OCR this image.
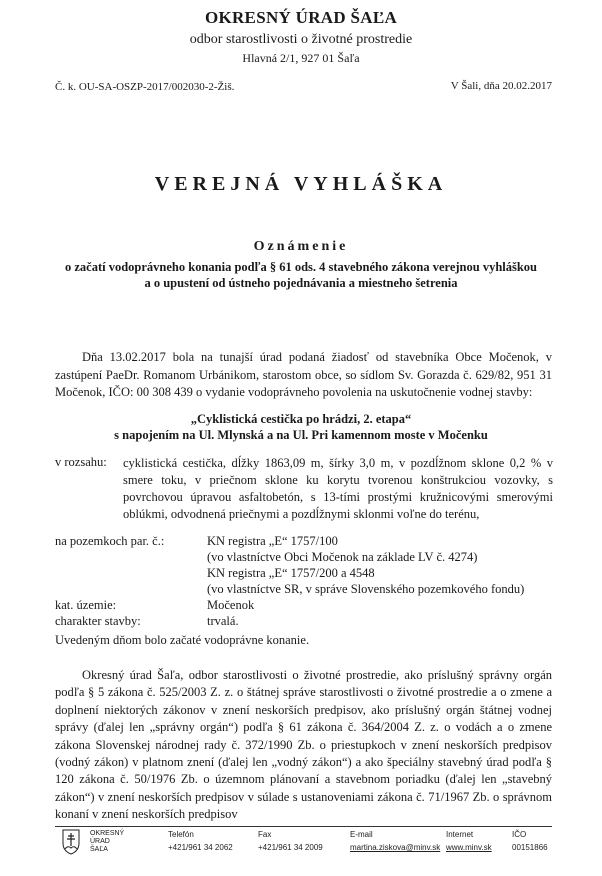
OKRESNÝ ÚRAD ŠAĽA
odbor starostlivosti o životné prostredie
Hlavná 2/1, 927 01 Šaľa
Č. k. OU-SA-OSZP-2017/002030-2-Žiš.	V Šali, dňa 20.02.2017
VEREJNÁ VYHLÁŠKA
Oznámenie
o začatí vodoprávneho konania podľa § 61 ods. 4 stavebného zákona verejnou vyhláškou
a o upustení od ústneho pojednávania a miestneho šetrenia
Dňa 13.02.2017 bola na tunajší úrad podaná žiadosť od stavebníka Obce Močenok, v zastúpení PaeDr. Romanom Urbánikom, starostom obce, so sídlom Sv. Gorazda č. 629/82, 951 31 Močenok, IČO: 00 308 439 o vydanie vodoprávneho povolenia na uskutočnenie vodnej stavby:
„Cyklistická cestička po hrádzi, 2. etapa“
s napojením na Ul. Mlynská a na Ul. Pri kamennom moste v Močenku
v rozsahu: cyklistická cestička, dĺžky 1863,09 m, šírky 3,0 m, v pozdĺžnom sklone 0,2 % v smere toku, v priečnom sklone ku korytu tvorenou konštrukciou vozovky, s povrchovou úpravou asfaltobetón, s 13-tími prostými kružnicovými smerovými oblúkmi, odvodnená priečnymi a pozdĺžnymi sklonmi voľne do terénu,
na pozemkoch par. č.:	KN registra „E“ 1757/100
(vo vlastníctve Obci Močenok na základe LV č. 4274)
KN registra „E“ 1757/200 a 4548
(vo vlastníctve SR, v správe Slovenského pozemkového fondu)
kat. územie:	Močenok
charakter stavby:	trvalá.
Uvedeným dňom bolo začaté vodoprávne konanie.
Okresný úrad Šaľa, odbor starostlivosti o životné prostredie, ako príslušný správny orgán podľa § 5 zákona č. 525/2003 Z. z. o štátnej správe starostlivosti o životné prostredie a o zmene a doplnení niektorých zákonov v znení neskorších predpisov, ako príslušný orgán štátnej vodnej správy (ďalej len „správny orgán“) podľa § 61 zákona č. 364/2004 Z. z. o vodách a o zmene zákona Slovenskej národnej rady č. 372/1990 Zb. o priestupkoch v znení neskorších predpisov (vodný zákon) v platnom znení (ďalej len „vodný zákon“) a ako špeciálny stavebný úrad podľa § 120 zákona č. 50/1976 Zb. o územnom plánovaní a stavebnom poriadku (ďalej len „stavebný zákon“) v znení neskorších predpisov v súlade s ustanoveniami zákona č. 71/1967 Zb. o správnom konaní v znení neskorších predpisov
OKRESNÝ
ÚRAD
ŠAĽA
Telefón
+421/961 34 2062
Fax
+421/961 34 2009
E-mail
martina.ziskova@minv.sk
Internet
www.minv.sk
IČO
00151866
